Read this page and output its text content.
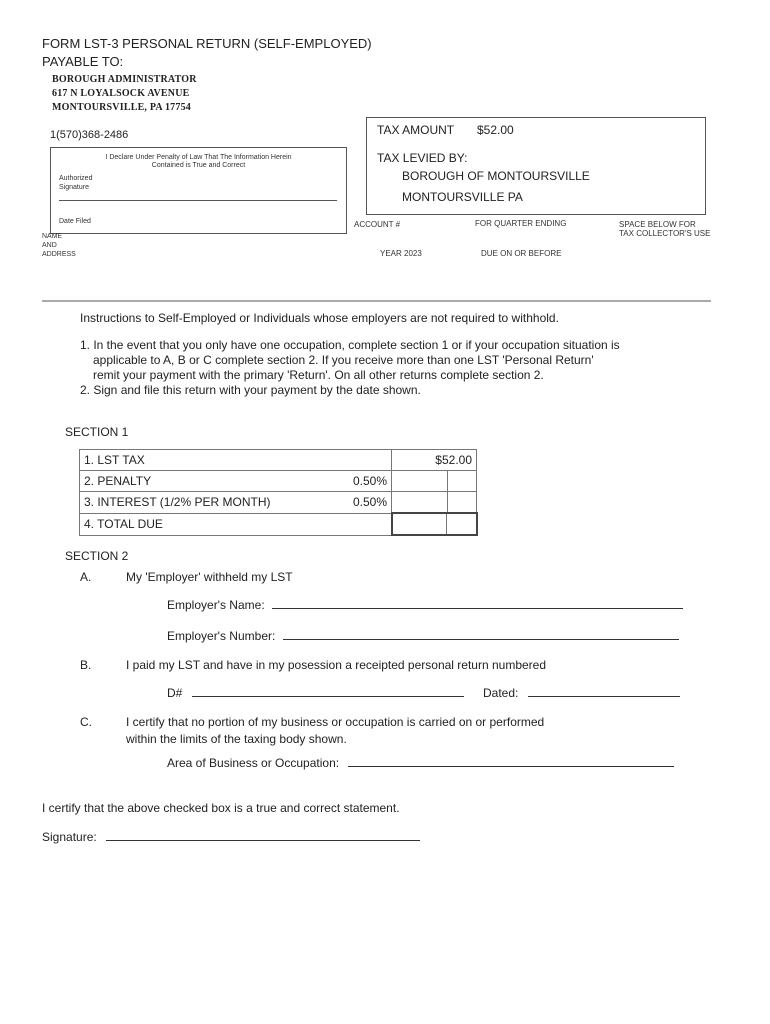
FORM LST-3 PERSONAL RETURN (SELF-EMPLOYED)
PAYABLE TO:
BOROUGH ADMINISTRATOR
617 N LOYALSOCK AVENUE
MONTOURSVILLE, PA 17754
1(570)368-2486
I Declare Under Penalty of Law That The Information Herein
Contained is True and Correct
Authorized
Signature
Date Filed
NAME
AND
ADDRESS
TAX AMOUNT $52.00
TAX LEVIED BY:
BOROUGH OF MONTOURSVILLE
MONTOURSVILLE PA
ACCOUNT #	FOR QUARTER ENDING	SPACE BELOW FOR
TAX COLLECTOR'S USE
YEAR 2023	DUE ON OR BEFORE
Instructions to Self-Employed or Individuals whose employers are not required to withhold.
1. In the event that you only have one occupation, complete section 1 or if your occupation situation is
applicable to A, B or C complete section 2. If you receive more than one LST 'Personal Return'
remit your payment with the primary 'Return'. On all other returns complete section 2.
2. Sign and file this return with your payment by the date shown.
SECTION 1
1. LST TAX		$52.00
2. PENALTY	0.50%	
3. INTEREST (1/2% PER MONTH)	0.50%	
4. TOTAL DUE		
SECTION 2
A.	My 'Employer' withheld my LST
Employer's Name:
Employer's Number:
B.	I paid my LST and have in my posession a receipted personal return numbered
D#	Dated:
C.	I certify that no portion of my business or occupation is carried on or performed
within the limits of the taxing body shown.
Area of Business or Occupation:
I certify that the above checked box is a true and correct statement.
Signature:
